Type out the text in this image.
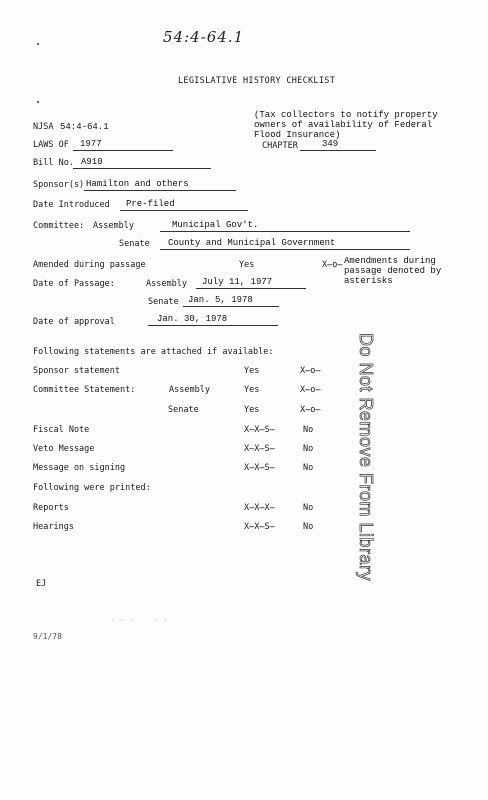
54:4-64.1
LEGISLATIVE HISTORY CHECKLIST
(Tax collectors to notify property
owners of availability of Federal
Flood Insurance)
NJSA 54:4-64.1
LAWS OF 1977	CHAPTER	349
Bill No. A910
Sponsor(s) Hamilton and others
Date Introduced Pre-filed
Committee: Assembly	Municipal Gov't.
Senate County and Municipal Government
Amended during passage	Yes	X̶o̶ Amendments during
passage denoted by
asterisks
Date of Passage:	Assembly July 11, 1977
Senate Jan. 5, 1978
Date of approval	Jan. 30, 1978
Following statements are attached if available:
Sponsor statement	Yes	X̶o̶
Committee Statement:	Assembly	Yes	X̶o̶
Senate	Yes	X̶o̶
Fiscal Note	X̶X̶S̶	No
Veto Message	X̶X̶S̶	No
Message on signing	X̶X̶S̶	No
Following were printed:
Reports	X̶X̶X̶	No
Hearings	X̶X̶S̶	No Do Not Remove From Library
EJ
· · ·    · ·
9/1/78
